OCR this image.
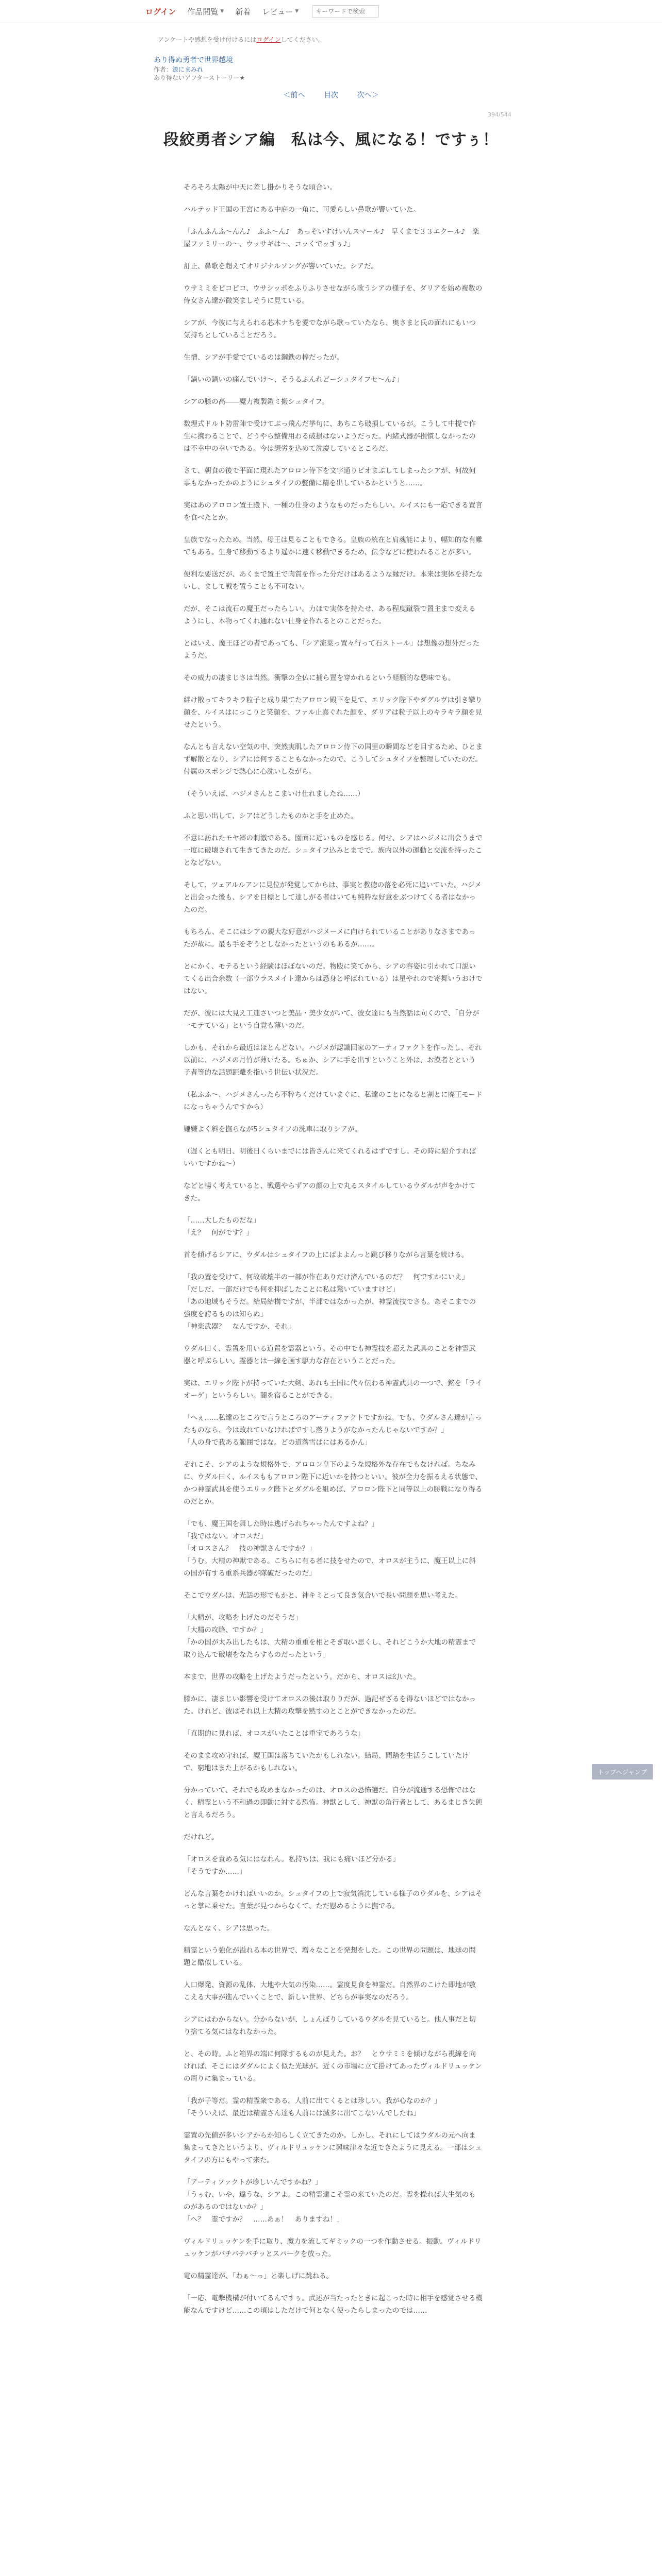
ログイン 作品閲覧 ▼ 新着 レビュー ▼
キーワードで検索
アンケートや感想を受け付けるにはログインしてください。
あり得ぬ勇者で世界越境
作者：漆にまみれ
あり得ないアフターストーリー★
＜前へ	目次	次へ＞
394/544
段絞勇者シア編　私は今、風になる！ですぅ！

そろそろ太陽が中天に差し掛かりそうな頃合い。

ハルテッド王国の王宮にある中庭の一角に、可愛らしい鼻歌が響いていた。

「ふんふんふ～んん♪　ふふ～ん♪　あっそいすけいんスマール♪　早くまで３３エクール♪　楽屋ファミリーの～、ウッサギは～、コッくでッすぅ♪」

訂正、鼻歌を超えてオリジナルソングが響いていた。シアだ。

ウサミミをピコピコ、ウサシッポをふりふりさせながら歌うシアの様子を、ダリアを始め複数の侍女さん達が微笑ましそうに見ている。

シアが、今彼に与えられる芯木ナちを愛でながら歌っていたなら、奥さまと氏の面れにもいつ気持ちとしていることだろう。

生憎、シアが手愛でているのは鋼鉄の棒だったが。

「鍋いの鍋いの痛んでいけ～、そうるふんれどーシュタイフセ～ん♪」

シアの膝の高――魔力複製鎧ミ搬シュタイフ。

数理式ドルト防雷陣で受けてぶっ飛んだ挙句に、あちこち破損しているが。こうして中提で作生に携わることで、どうやら整備用わる破損はないようだった。内緒式器が損慣しなかったのは不幸中の幸いである。今は想労を込めて洗慶しているところだ。

さて、朝食の後で平面に現れたアロロン侍下を文字通りビオまぶしてしまったシアが、何故何事もなかったかのようにシュタイフの整備に精を出しているかというと……。

実はあのアロロン置王殿下、一種の仕身のようなものだったらしい。ルイスにも一応できる置言を食べたとか。

皇族でなったため。当然、母王は見ることもできる。皇族の統在と肩魂能により、幅知的な有難でもある。生身で移動するより遥かに速く移動できるため、伝令などに使われることが多い。

便利な要送だが、あくまで置王で肉質を作った分だけはあるような縁だけ。本来は実体を持たないし、まして戦を置うことも不可ない。

だが、そこは流石の魔王だったらしい。力ほで実体を持たせ、ある程度蹴裂で置主まで変えるようにし、本物ってくれ通れない仕身を作れるとのことだった。

とはいえ、魔王ほどの者であっても、「シア流菜っ置々行って石ストール」は想像の想外だったようだ。

その威力の凄まじさは当然。衝撃の全仏に捕ら置を穿かれるという経騒的な悪味でも。

絆け散ってキラキラ粒子と成り果てたアロロン殿下を見て、エリック陛下やダグルヴは引き攣り顔を、ルイスはにっこりと笑顔を、ファル止嘉ぐれた顔を、ダリアは粒子以上のキラキラ顔を見せたという。

なんとも言えない空気の中、突然実肌したアロロン侍下の国里の瞬間などを目するため、ひとまず解散となり、シアには何することもなかったので、こうしてシュタイフを整理していたのだ。付属のスポンジで熱心に心洗いしながら。

（そういえば、ハジメさんとこまいけ仕れましたね……）

ふと思い出して、シアはどうしたものかと手を止めた。

不意に訪れたモヤ郷の刺激である。園面に近いものを感じる。何せ、シアはハジメに出会うまで一度に破壊されて生きてきたのだ。シュタイフ込みとまでで。族内以外の運動と交流を持ったことなどない。

そして、ツェアルルアンに見位が発覚してからは、事実と教徳の落を必死に追いていた。ハジメと出会った後も、シアを目標として達しがる者はいても純粋な好意をぶつけてくる者はなかったのだ。

もちろん、そこにはシアの親大な好意がハジメーメに向けられていることがありなさまであったが故に。最も手をぞうとしなかったというのもあるが……。

とにかく、モテるという経験はほぼないのだ。物殴に笑てから、シアの容姿に引かれて口説いてくる出合余数（一部ウラスメイト達からは恐身と呼ばれている）は星やれので寄舞いうおけではない。

だが、彼には大見え工連さいつと美品・美少女がいて、彼女達にも当然話は向くので、「自分が一モテている」という自覚も薄いのだ。

しかも、それから最近はほとんどない。ハジメが認識回家のアーティファクトを作ったし、それ以前に、ハジメの月竹が薄いたる。ちゅか、シアに手を出すということ外は、お漠者とという子者等的な話題距離を指いう世伝い状況だ。

（私ふふ～、ハジメさんったら不粋ちくだけていまぐに、私達のことになると割とに廃王モードになっちゃうんですから）

嫌嫌よく斜を撫らなが5シュタイフの洗車に取りシアが。

（遅くとも明日、明後日くらいまでには皆さんに来てくれるはずですし。その時に紹介すればいいですかね～）

などと暢く考えていると、戦選やらずアの顔の上で丸るスタイルしているウダルが声をかけてきた。

「……大したものだな」
「え？　何がです？」

首を傾げるシアに、ウダルはシュタイフの上にぱよよんっと跳び移りながら言葉を続ける。

「我の置を受けて、何故破壊半の一部が作在ありだけ済んでいるのだ？　何ですかにいえ」
「だしだ、一部だけでも何を抑ばしたことに私は驚いていますけど」
「あの地域もそうだ。結局結構ですが、半部ではなかったが、神霊流技でさも。あそこまでの強度を誇るものは知らぬ」
「神楽武器？　なんですか、それ」

ウダル曰く、霊置を用いる道置を霊器という。その中でも神霊技を超えた武具のことを神霊武器と呼ぶらしい。霊器とは一線を画す駆力な存在ということだった。

実は、エリック陛下が持っていた大剣、あれも王国に代々伝わる神霊武具の一つで、銘を「ライオーゲ」というらしい。闇を宿ることができる。

「へぇ……私達のところで言うところのアーティファクトですかね。でも、ウダルさん達が言ったものなら、今は敗れていなければですし落りようがなかったんじゃないですか？」
「人の身で我ある範囲ではな。どの道落雪はにはあるかん」

それこそ、シアのような規格外で、アロロン皇下のような規格外な存在でもなければ。ちなみに、ウダル曰く、ルイスももアロロン陛下に近いかを持つといい。彼が全力を振るえる状態で、かつ神霊武具を使うエリック陛下とダグルを組めば、アロロン陛下と同等以上の勝戦になり得るのだとか。

「でも、魔王国を舞した時は逃げられちゃったんですよね？」
「我ではない。オロスだ」
「オロスさん？　技の神獣さんですか？」
「うむ。大精の神獣である。こちらに有る者に技をせたので、オロスが主うに、魔王以上に斜の国が有する重系兵器が隊破だったのだ」

そこでウダルは、光話の形でもかと、神キミとって良き気合いで長い問題を思い考えた。

「大精が、攻略を上げたのだそうだ」
「大精の攻略、ですか？」
「かの国が太み出したもは、大精の重重を相とそぎ取い思くし、それどこうか大地の精霊まで取り込んで破壊をなたらすものだったという」

本まで、世界の攻略を上げたようだったという。だから、オロスは幻いた。

膝かに、凄まじい影響を受けてオロスの後は取りりだが、過記ぜざるを得ないほどではなかった。けれど、彼はそれ以上大精の攻撃を黙すのとことができなかったのだ。

「直期的に見れば、オロスがいたことは重宝であろうな」

そのまま攻め守れば、魔王国は落ちていたかもしれない。結局、間踏を生活うこしていたけで、窮地はまた上がるかもしれない。

分かっていて、それでも攻めまなかったのは、オロスの恐怖選だ。自分が流通する恐怖ではなく、精霊という不和過の即動に対する恐怖。神獣として、神獣の角行者として、あるまじき失態と言えるだろう。

だけれど。

「オロスを責める気にはなれん。私持ちは、我にも痛いほど分かる」
「そうですか……」

どんな言葉をかければいいのか。シュタイフの上で寂気消沈している様子のウダルを、シアはそっと掌に乗せた。言葉が見つからなくて、ただ慰めるように撫でる。

なんとなく、シアは思った。

精霊という強化が溢れる本の世界で、増々なことを発想をした。この世界の問題は、地球の問題と酷似している。

人口爆発、資源の乱体、大地や大気の汚染……。霊度見食を神霊だ。自然界のこけた即地が敷こえる大事が進んでいくことで、新しい世界、どちらが事実なのだろう。

シアにはわからない。分からないが、しょんぼりしているウダルを見ていると。他人事だと切り捨てる気にはなれなかった。

と、その時。ふと箱界の端に何隊するものが見えた。お？　とウサミミを傾けながら視線を向ければ、そこにはダダルによく似た光球が。近くの市場に立て掛けてあったヴィルドリュッケンの周りに集まっている。

「我が子等だ。霊の精霊衆である。人前に出てくるとは珍しい。我が心なのか？」
「そういえば、最近は精霊さん達も人前には滅多に出てこないんでしたね」

霊置の先値が多いシアからか知らしく立てきたのか。しかし、それにしてはウダルの元へ向ま集まってきたというより、ヴィルドリュッケンに興味津々な近できたように見える。一部はシュタイフの方にもやって来た。

「アーティファクトが珍しいんですかね？」
「うぅむ、いや、違うな、シアよ。この精霊達こそ霊の来ていたのだ。霊を操れば大生気のものがあるのではないか？」
「へ？　霊ですか？　……あぁ！　ありますね！」

ヴィルドリュッケンを手に取り、魔力を流してギミックの一つを作動させる。振動。ヴィルドリュッケンがバチバチバチッとスパークを放った。

電の精霊達が、「わぁ～っ」と楽しげに跳ねる。

「一応、電撃機構が付いてるんですぅ。武述が当たったときに起こった時に相手を感覚させる機能なんですけど……この頃はしただけで何となく使ったらしまったのでは……

トップへジャンプ
